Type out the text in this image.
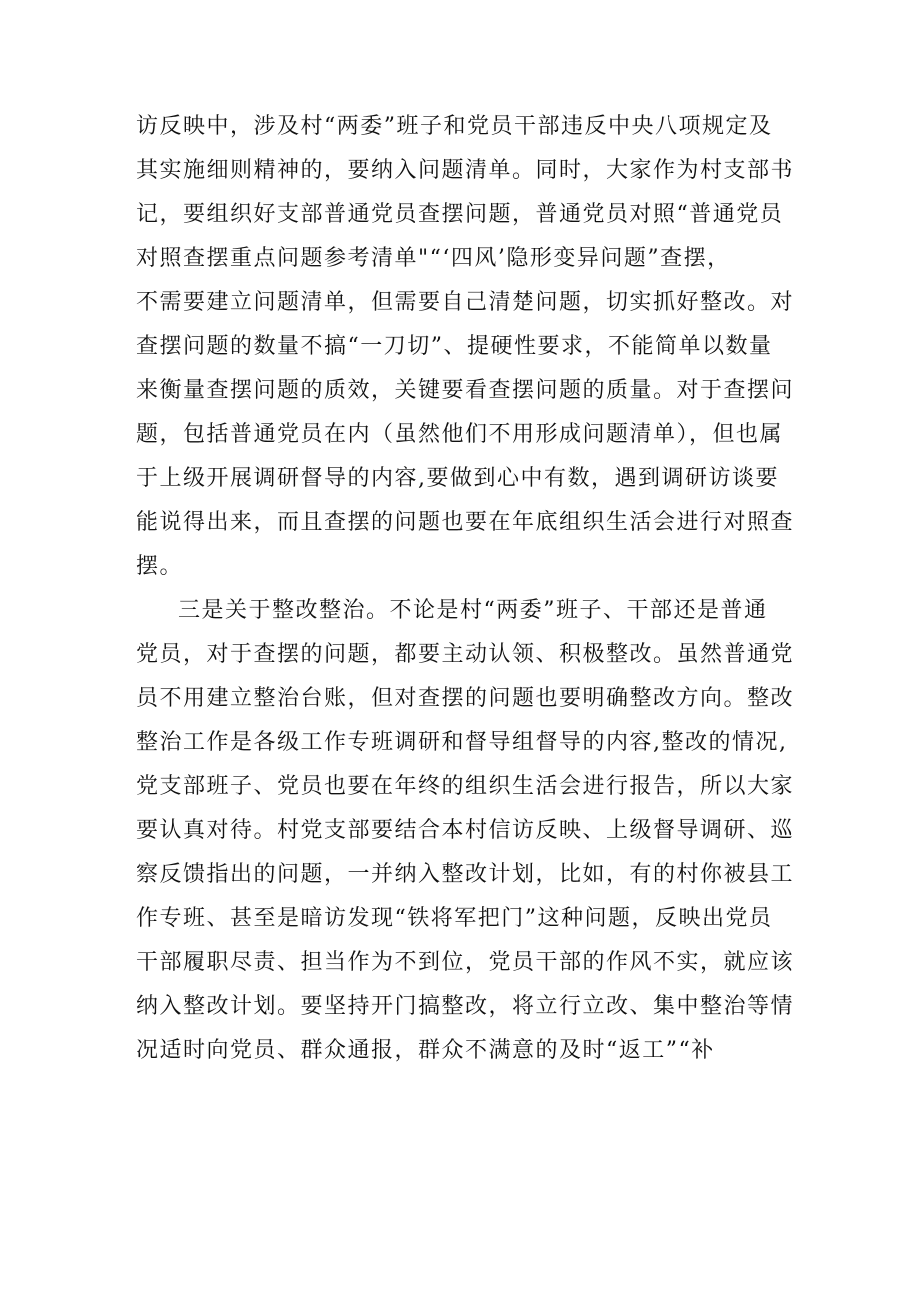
访反映中，涉及村“两委”班子和党员干部违反中央八项规定及
其实施细则精神的，要纳入问题清单。同时，大家作为村支部书
记，要组织好支部普通党员查摆问题，普通党员对照“普通党员
对照查摆重点问题参考清单"“‘四风’隐形变异问题”查摆，
不需要建立问题清单，但需要自己清楚问题，切实抓好整改。对
查摆问题的数量不搞“一刀切”、提硬性要求，不能简单以数量
来衡量查摆问题的质效，关键要看查摆问题的质量。对于查摆问
题，包括普通党员在内（虽然他们不用形成问题清单），但也属
于上级开展调研督导的内容,要做到心中有数，遇到调研访谈要
能说得出来，而且查摆的问题也要在年底组织生活会进行对照查
摆。
三是关于整改整治。不论是村“两委”班子、干部还是普通
党员，对于查摆的问题，都要主动认领、积极整改。虽然普通党
员不用建立整治台账，但对查摆的问题也要明确整改方向。整改
整治工作是各级工作专班调研和督导组督导的内容,整改的情况,
党支部班子、党员也要在年终的组织生活会进行报告，所以大家
要认真对待。村党支部要结合本村信访反映、上级督导调研、巡
察反馈指出的问题，一并纳入整改计划，比如，有的村你被县工
作专班、甚至是暗访发现“铁将军把门”这种问题，反映出党员
干部履职尽责、担当作为不到位，党员干部的作风不实，就应该
纳入整改计划。要坚持开门搞整改，将立行立改、集中整治等情
况适时向党员、群众通报，群众不满意的及时“返工”“补
